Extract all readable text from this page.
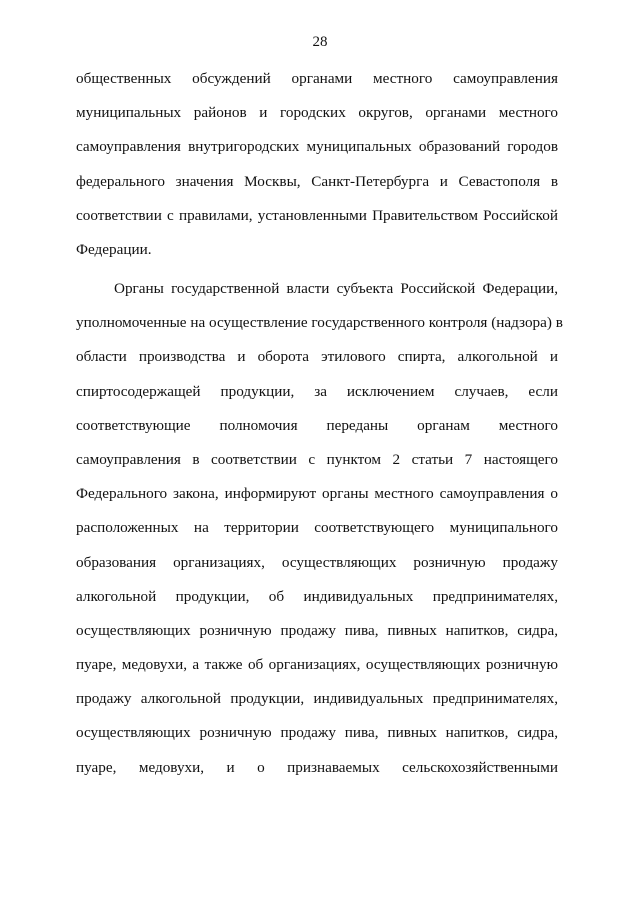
28
общественных обсуждений органами местного самоуправления
муниципальных районов и городских округов, органами местного
самоуправления внутригородских муниципальных образований городов
федерального значения Москвы, Санкт-Петербурга и Севастополя в
соответствии с правилами, установленными Правительством Российской
Федерации.
Органы государственной власти субъекта Российской Федерации,
уполномоченные на осуществление государственного контроля (надзора) в
области производства и оборота этилового спирта, алкогольной и
спиртосодержащей продукции, за исключением случаев, если
соответствующие полномочия переданы органам местного
самоуправления в соответствии с пунктом 2 статьи 7 настоящего
Федерального закона, информируют органы местного самоуправления о
расположенных на территории соответствующего муниципального
образования организациях, осуществляющих розничную продажу
алкогольной продукции, об индивидуальных предпринимателях,
осуществляющих розничную продажу пива, пивных напитков, сидра,
пуаре, медовухи, а также об организациях, осуществляющих розничную
продажу алкогольной продукции, индивидуальных предпринимателях,
осуществляющих розничную продажу пива, пивных напитков, сидра,
пуаре, медовухи, и о признаваемых сельскохозяйственными
